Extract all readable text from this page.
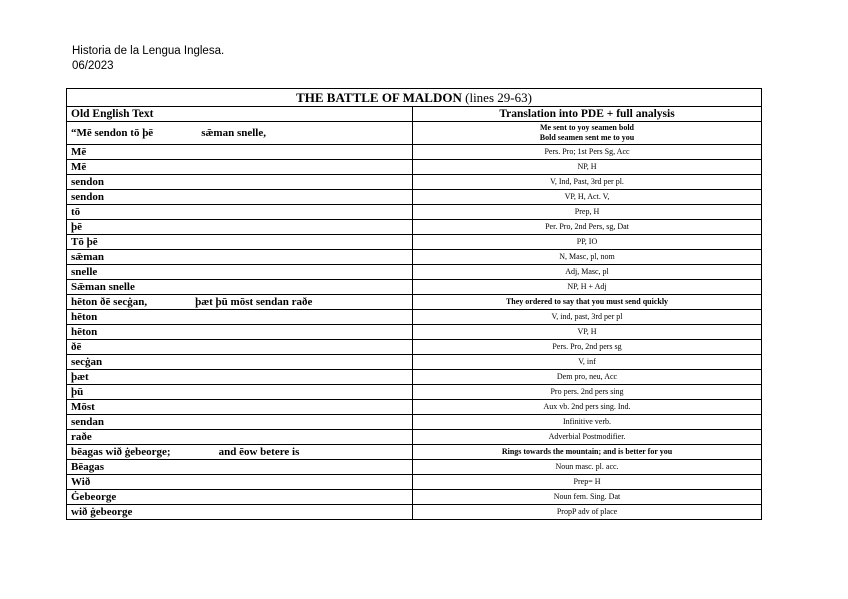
Historia de la Lengua Inglesa.
06/2023
THE BATTLE OF MALDON (lines 29-63)	
Old English Text	Translation into PDE + full analysis
“Mē sendon tō þē sǣman snelle,	Me sent to yoy seamen bold
Bold seamen sent me to you

Mē	Pers. Pro; 1st Pers Sg, Acc

Mē	NP, H

sendon	V, Ind, Past, 3rd per pl.

sendon	VP, H, Act. V,

tō	Prep, H

þē	Per. Pro, 2nd Pers, sg, Dat

Tō þē	PP, IO

sǣman	N, Masc, pl, nom

snelle	Adj, Masc, pl

Sǣman snelle	NP, H + Adj

hēton ðē secġan, þæt þū mōst sendan raðe	They ordered to say that you must send quickly

hēton	V, ind, past, 3rd per pl

hēton	VP, H

ðē	Pers. Pro, 2nd pers sg

secġan	V, inf

þæt	Dem pro, neu, Acc

þū	Pro pers. 2nd pers sing

Mōst	Aux vb. 2nd pers sing. Ind.

sendan	Infinitive verb.

raðe	Adverbial Postmodifier.

bēagas wið ġebeorge; and ēow betere is	Rings towards the mountain; and is better for you

Bēagas	Noun masc. pl. acc.

Wið	Prep= H

Ġebeorge	Noun fem. Sing. Dat

wið ġebeorge	PropP adv of place
